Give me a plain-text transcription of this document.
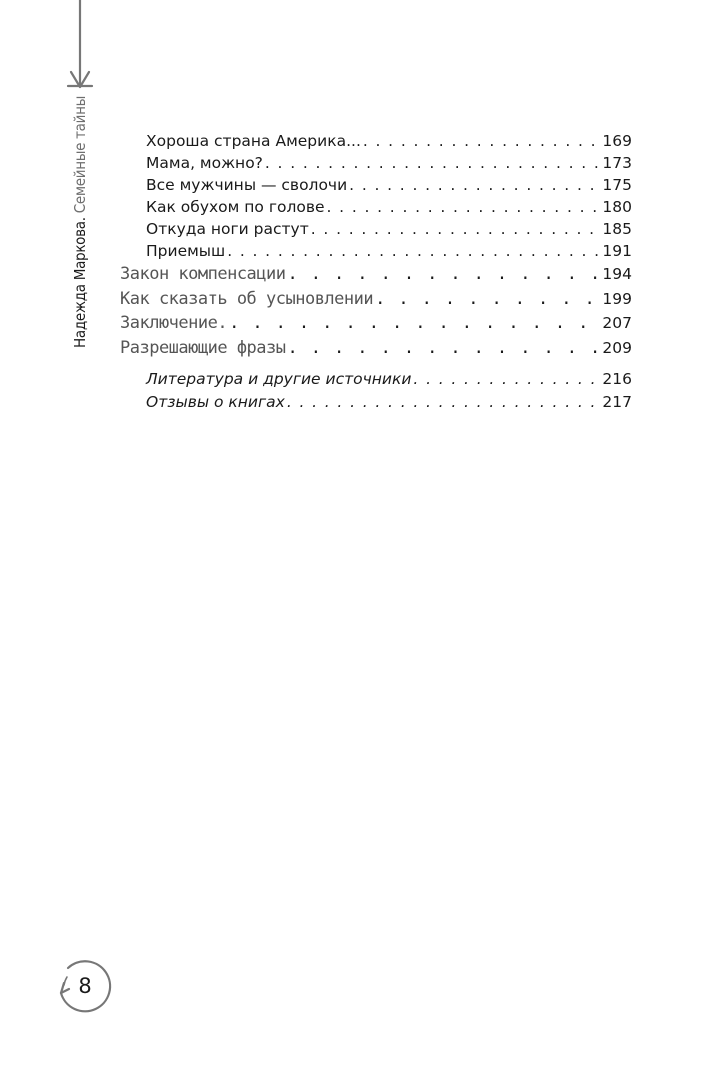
Надежда Маркова. Семейные тайны	Хороша страна Америка... . . .	169
Мама, можно? . . .	173
Все мужчины — сволочи . . .	175
Как обухом по голове . . .	180
Откуда ноги растут . . .	185
Приемыш . . .	191
Закон компенсации . . .	194
Как сказать об усыновлении . . .	199
Заключение. . . .	207
Разрешающие фразы . . .	209
Литература и другие источники . . .	216
Отзывы о книгах . . .	217
8
